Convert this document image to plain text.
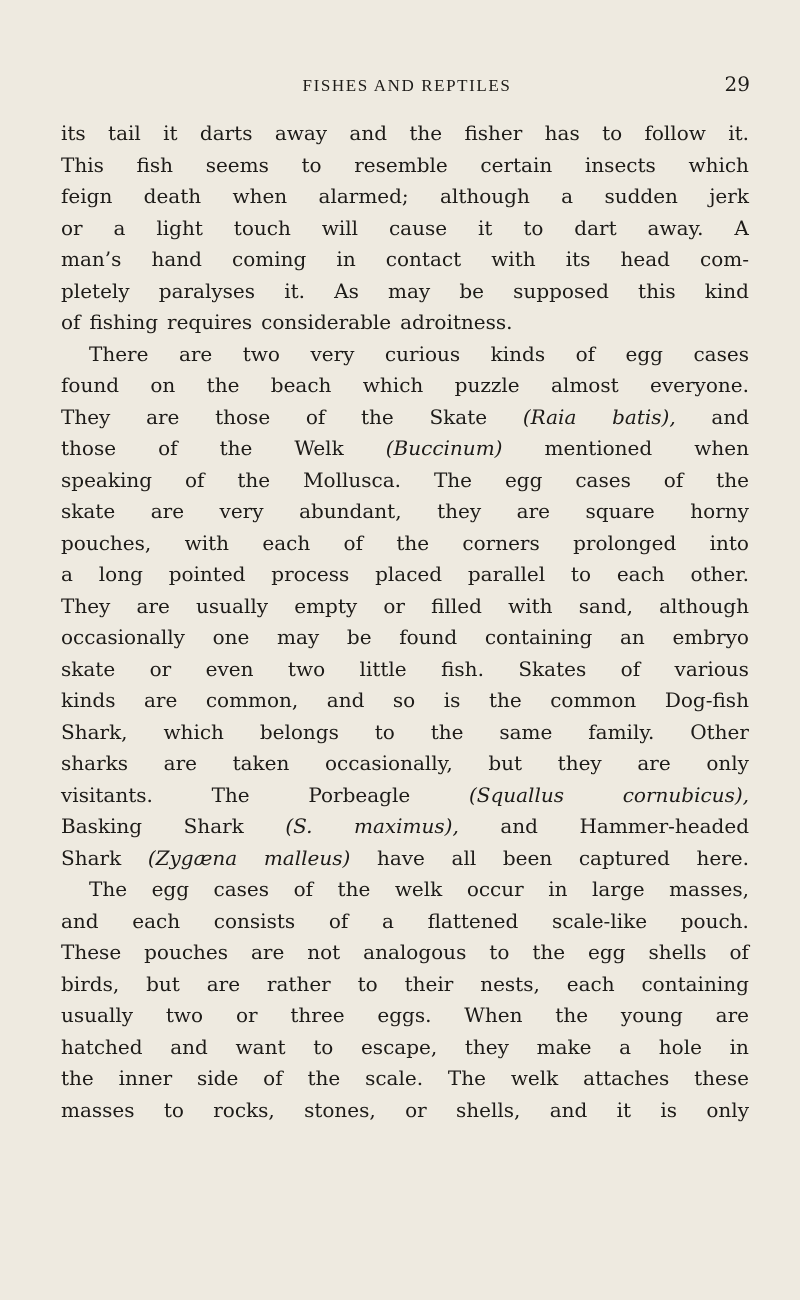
FISHES AND REPTILES	29
its tail it darts away and the fisher has to follow it.
This fish seems to resemble certain insects which
feign death when alarmed; although a sudden jerk
or a light touch will cause it to dart away. A
man’s hand coming in contact with its head com-
pletely paralyses it. As may be supposed this kind
of fishing requires considerable adroitness.
There are two very curious kinds of egg cases
found on the beach which puzzle almost everyone.
They are those of the Skate (Raia batis), and
those of the Welk (Buccinum) mentioned when
speaking of the Mollusca. The egg cases of the
skate are very abundant, they are square horny
pouches, with each of the corners prolonged into
a long pointed process placed parallel to each other.
They are usually empty or filled with sand, although
occasionally one may be found containing an embryo
skate or even two little fish. Skates of various
kinds are common, and so is the common Dog-fish
Shark, which belongs to the same family. Other
sharks are taken occasionally, but they are only
visitants.	The	Porbeagle	(Squallus	cornubicus),
Basking Shark (S. maximus), and Hammer-headed
Shark (Zygæna malleus) have all been captured here.
The egg cases of the welk occur in large masses,
and each consists of a flattened scale-like pouch.
These pouches are not analogous to the egg shells of
birds, but are rather to their nests, each containing
usually two or three eggs. When the young are
hatched and want to escape, they make a hole in
the inner side of the scale. The welk attaches these
masses to rocks, stones, or shells, and it is only
